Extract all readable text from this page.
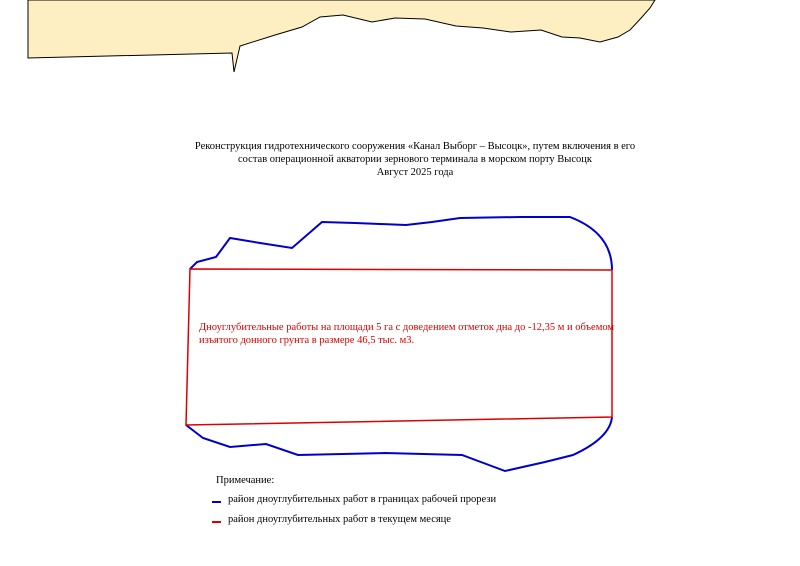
Реконструкция гидротехнического сооружения «Канал Выборг – Высоцк», путем включения в его
состав операционной акватории зернового терминала в морском порту Высоцк
Август 2025 года
Дноуглубительные работы на площади 5 га с доведением отметок дна до -12,35 м и объемом
изъятого донного грунта в размере 46,5 тыс. м3.
Примечание:
район дноуглубительных работ в границах рабочей прорези
район дноуглубительных работ в текущем месяце
